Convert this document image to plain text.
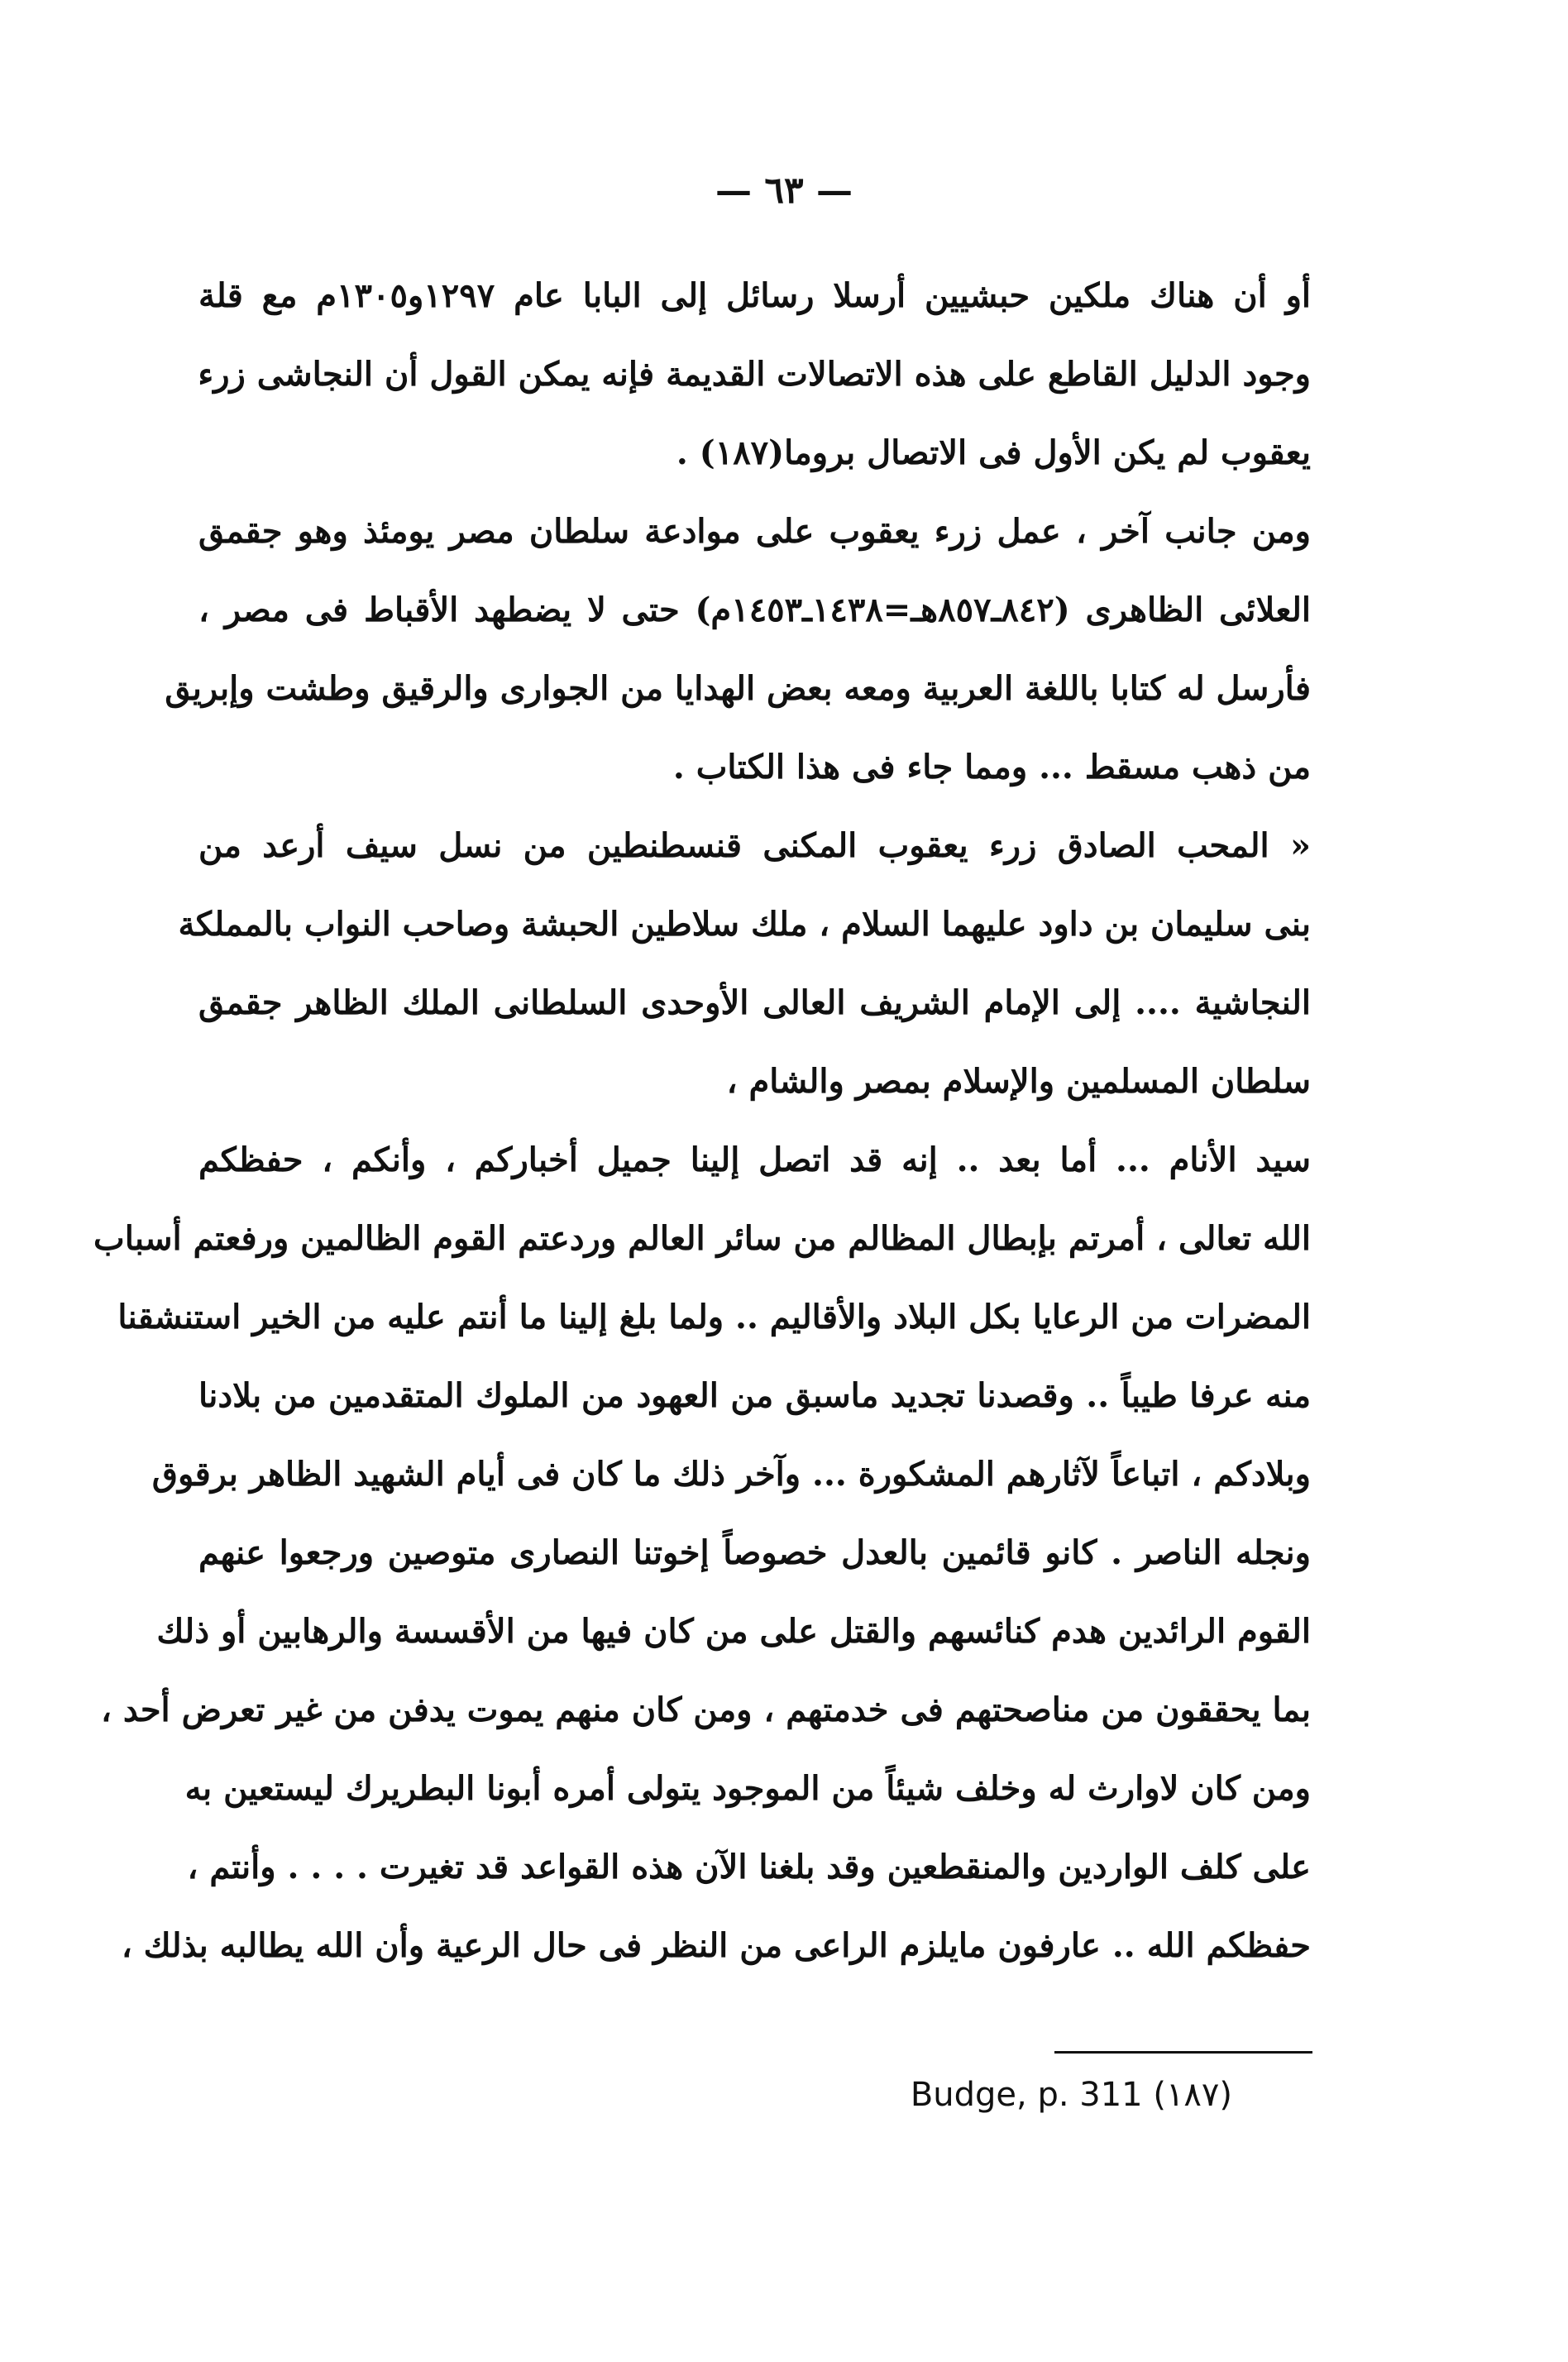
— ٦٣ —
أو أن هناك ملكين حبشيين أرسلا رسائل إلى البابا عام ١٢٩٧و١٣٠٥م مع قلة
وجود الدليل القاطع على هذه الاتصالات القديمة فإنه يمكن القول أن النجاشى زرء
يعقوب لم يكن الأول فى الاتصال بروما(١٨٧) .
ومن جانب آخر ، عمل زرء يعقوب على موادعة سلطان مصر يومئذ وهو جقمق
العلائى الظاهرى (٨٤٢ـ٨٥٧هـ=١٤٣٨ـ١٤٥٣م) حتى لا يضطهد الأقباط فى مصر ،
فأرسل له كتابا باللغة العربية ومعه بعض الهدايا من الجوارى والرقيق وطشت وإبريق
من ذهب مسقط ... ومما جاء فى هذا الكتاب .
« المحب الصادق زرء يعقوب المكنى قنسطنطين من نسل سيف أرعد من
بنى سليمان بن داود عليهما السلام ، ملك سلاطين الحبشة وصاحب النواب بالمملكة
النجاشية .... إلى الإمام الشريف العالى الأوحدى السلطانى الملك الظاهر جقمق
سلطان المسلمين والإسلام بمصر والشام ،
سيد الأنام ... أما بعد .. إنه قد اتصل إلينا جميل أخباركم ، وأنكم ، حفظكم
الله تعالى ، أمرتم بإبطال المظالم من سائر العالم وردعتم القوم الظالمين ورفعتم أسباب
المضرات من الرعايا بكل البلاد والأقاليم .. ولما بلغ إلينا ما أنتم عليه من الخير استنشقنا
منه عرفا طيباً .. وقصدنا تجديد ماسبق من العهود من الملوك المتقدمين من بلادنا
وبلادكم ، اتباعاً لآثارهم المشكورة ... وآخر ذلك ما كان فى أيام الشهيد الظاهر برقوق
ونجله الناصر . كانو قائمين بالعدل خصوصاً إخوتنا النصارى متوصين ورجعوا عنهم
القوم الرائدين هدم كنائسهم والقتل على من كان فيها من الأقسسة والرهابين أو ذلك
بما يحققون من مناصحتهم فى خدمتهم ، ومن كان منهم يموت يدفن من غير تعرض أحد ،
ومن كان لاوارث له وخلف شيئاً من الموجود يتولى أمره أبونا البطريرك ليستعين به
على كلف الواردين والمنقطعين وقد بلغنا الآن هذه القواعد قد تغيرت . . . . وأنتم ،
حفظكم الله .. عارفون مايلزم الراعى من النظر فى حال الرعية وأن الله يطالبه بذلك ،
(١٨٧) Budge, p. 311
